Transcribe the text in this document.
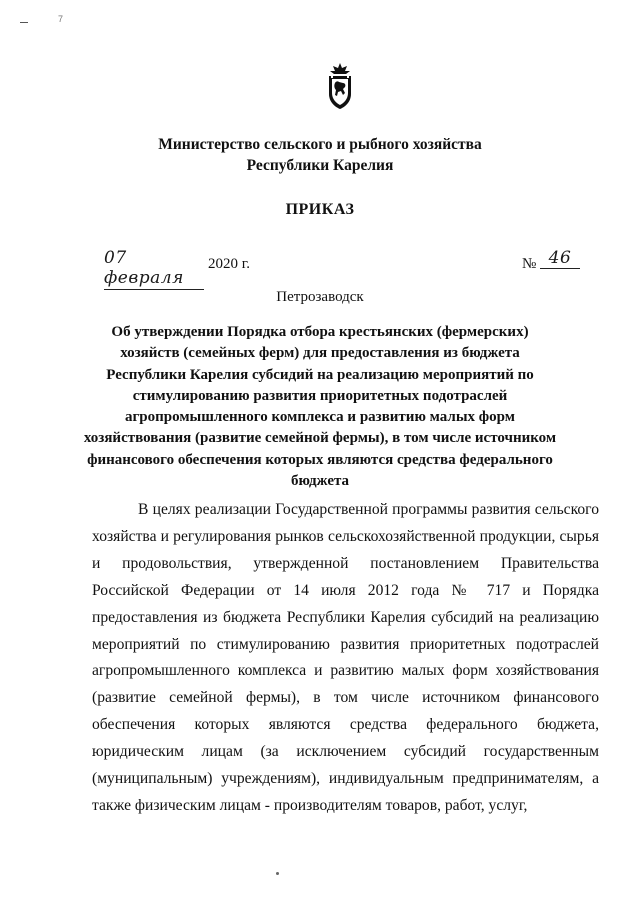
7
Министерство сельского и рыбного хозяйства
Республики Карелия
ПРИКАЗ
07 февраля
2020 г.	№ 46
Петрозаводск
Об утверждении Порядка отбора крестьянских (фермерских) хозяйств (семейных ферм) для предоставления из бюджета Республики Карелия субсидий на реализацию мероприятий по стимулированию развития приоритетных подотраслей агропромышленного комплекса и развитию малых форм хозяйствования (развитие семейной фермы), в том числе источником финансового обеспечения которых являются средства федерального бюджета

В целях реализации Государственной программы развития сельского хозяйства и регулирования рынков сельскохозяйственной продукции, сырья и продовольствия, утвержденной постановлением Правительства Российской Федерации от 14 июля 2012 года № 717 и Порядка предоставления из бюджета Республики Карелия субсидий на реализацию мероприятий по стимулированию развития приоритетных подотраслей агропромышленного комплекса и развитию малых форм хозяйствования (развитие семейной фермы), в том числе источником финансового обеспечения которых являются средства федерального бюджета, юридическим лицам (за исключением субсидий государственным (муниципальным) учреждениям), индивидуальным предпринимателям, а также физическим лицам - производителям товаров, работ, услуг,
